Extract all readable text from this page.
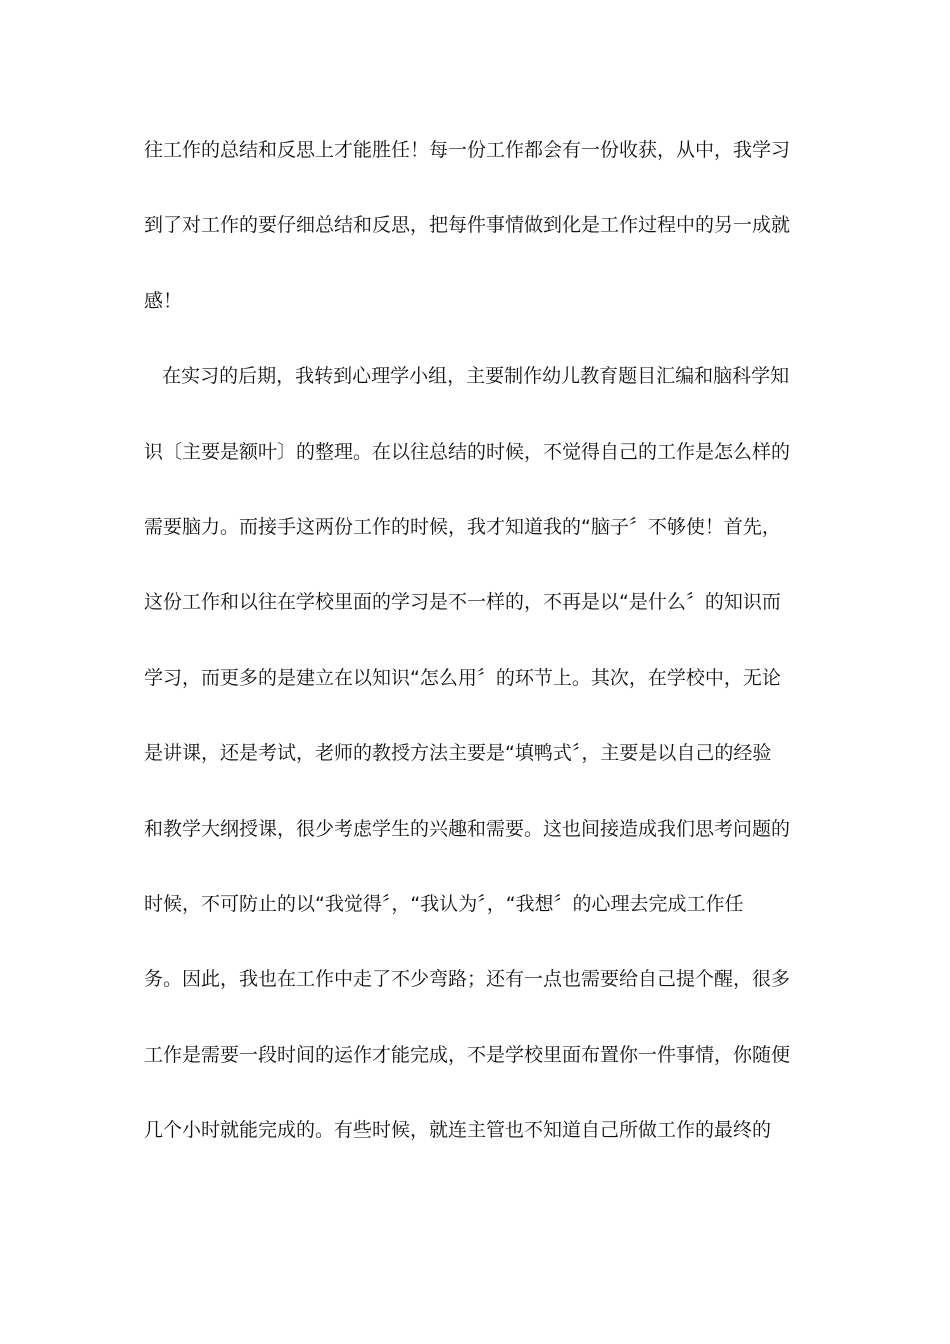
往工作的总结和反思上才能胜任！每一份工作都会有一份收获，从中，我学习
到了对工作的要仔细总结和反思，把每件事情做到化是工作过程中的另一成就
感！
在实习的后期，我转到心理学小组，主要制作幼儿教育题目汇编和脑科学知
识〔主要是额叶〕的整理。在以往总结的时候，不觉得自己的工作是怎么样的
需要脑力。而接手这两份工作的时候，我才知道我的“脑子〞不够使！首先，
这份工作和以往在学校里面的学习是不一样的，不再是以“是什么〞的知识而
学习，而更多的是建立在以知识“怎么用〞的环节上。其次，在学校中，无论
是讲课，还是考试，老师的教授方法主要是“填鸭式〞，主要是以自己的经验
和教学大纲授课，很少考虑学生的兴趣和需要。这也间接造成我们思考问题的
时候，不可防止的以“我觉得〞，“我认为〞，“我想〞的心理去完成工作任
务。因此，我也在工作中走了不少弯路；还有一点也需要给自己提个醒，很多
工作是需要一段时间的运作才能完成，不是学校里面布置你一件事情，你随便
几个小时就能完成的。有些时候，就连主管也不知道自己所做工作的最终的
